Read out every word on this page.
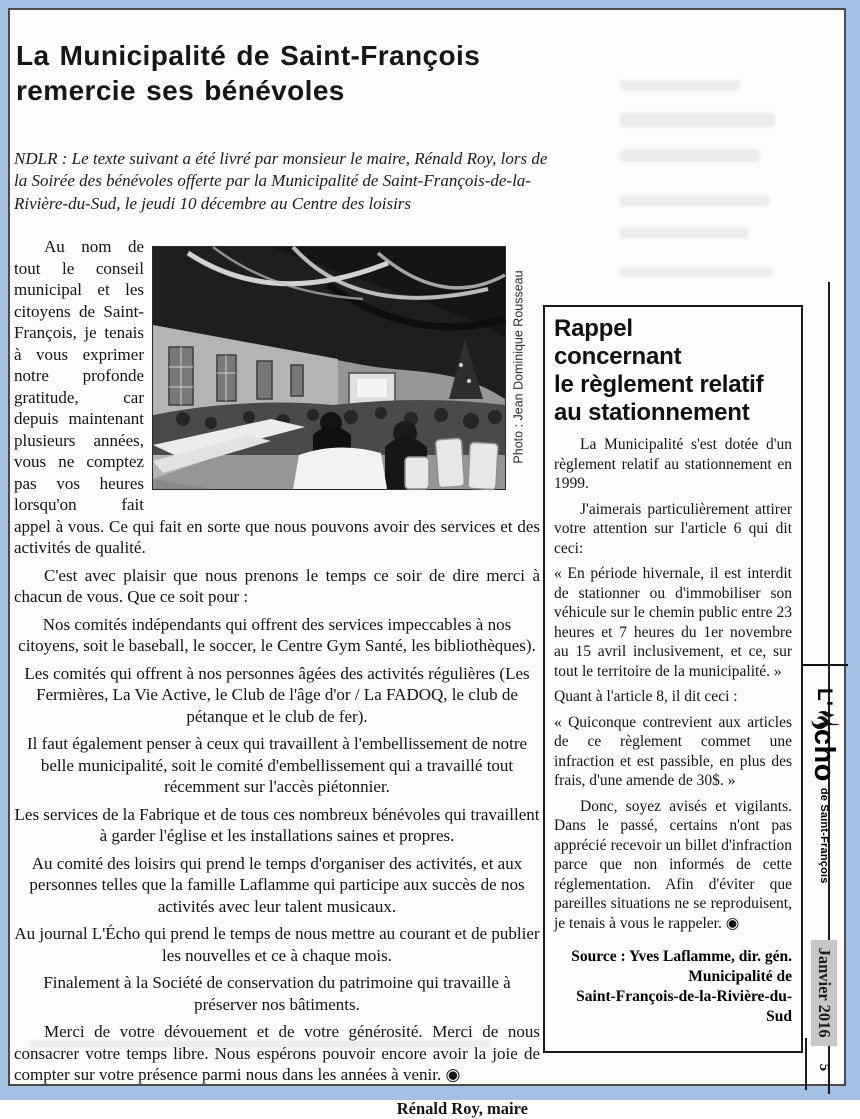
La Municipalité de Saint-François
remercie ses bénévoles
NDLR : Le texte suivant a été livré par monsieur le maire, Rénald Roy, lors de la Soirée des bénévoles offerte par la Municipalité de Saint-François-de-la-Rivière-du-Sud, le jeudi 10 décembre au Centre des loisirs
Photo : Jean Dominique Rousseau

Au nom de tout le conseil municipal et les citoyens de Saint-François, je tenais à vous exprimer notre profonde gratitude, car depuis maintenant plusieurs années, vous ne comptez pas vos heures lorsqu'on fait appel à vous. Ce qui fait en sorte que nous pouvons avoir des services et des activités de qualité.

C'est avec plaisir que nous prenons le temps ce soir de dire merci à chacun de vous. Que ce soit pour :

Nos comités indépendants qui offrent des services impeccables à nos citoyens, soit le baseball, le soccer, le Centre Gym Santé, les bibliothèques).

Les comités qui offrent à nos personnes âgées des activités régulières (Les Fermières, La Vie Active, le Club de l'âge d'or / La FADOQ, le club de pétanque et le club de fer).

Il faut également penser à ceux qui travaillent à l'embellissement de notre belle municipalité, soit le comité d'embellissement qui a travaillé tout récemment sur l'accès piétonnier.

Les services de la Fabrique et de tous ces nombreux bénévoles qui travaillent à garder l'église et les installations saines et propres.

Au comité des loisirs qui prend le temps d'organiser des activités, et aux personnes telles que la famille Laflamme qui participe aux succès de nos activités avec leur talent musicaux.

Au journal L'Écho qui prend le temps de nous mettre au courant et de publier les nouvelles et ce à chaque mois.

Finalement à la Société de conservation du patrimoine qui travaille à préserver nos bâtiments.

Merci de votre dévouement et de votre générosité. Merci de nous consacrer votre temps libre. Nous espérons pouvoir encore avoir la joie de compter sur votre présence parmi nous dans les années à venir. ◉

Rénald Roy, maire
Rappel
concernant
le règlement relatif
au stationnement

La Municipalité s'est dotée d'un règlement relatif au stationnement en 1999.

J'aimerais particulièrement attirer votre attention sur l'article 6 qui dit ceci:

« En période hivernale, il est interdit de stationner ou d'immobiliser son véhicule sur le chemin public entre 23 heures et 7 heures du 1er novembre au 15 avril inclusivement, et ce, sur tout le territoire de la municipalité. »

Quant à l'article 8, il dit ceci :

« Quiconque contrevient aux articles de ce règlement commet une infraction et est passible, en plus des frais, d'une amende de 30$. »

Donc, soyez avisés et vigilants. Dans le passé, certains n'ont pas apprécié recevoir un billet d'infraction parce que non informés de cette réglementation. Afin d'éviter que pareilles situations ne se reproduisent, je tenais à vous le rappeler. ◉

Source : Yves Laflamme, dir. gén.
Municipalité de
Saint-François-de-la-Rivière-du-Sud
L'
cho
de Saint-François
Janvier 2016
5
